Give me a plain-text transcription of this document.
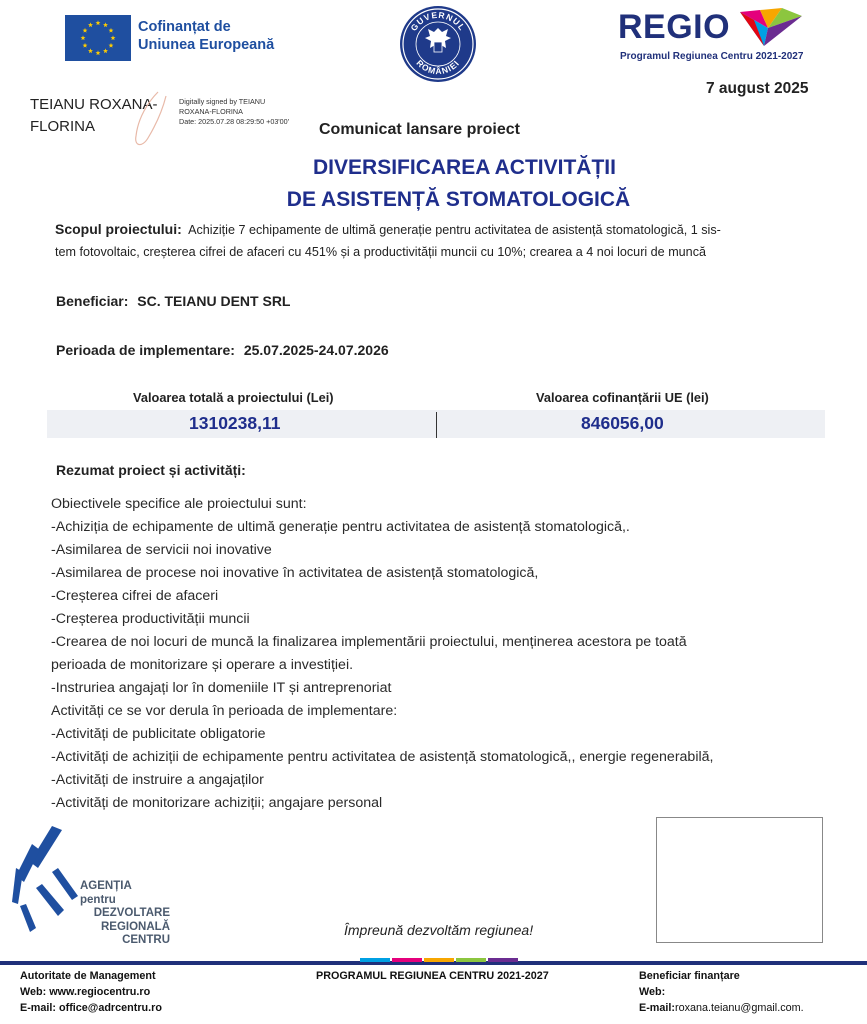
Cofinanțat de
Uniunea Europeană
GUVERNUL
ROMÂNIEI
REGIO
Programul Regiunea Centru 2021-2027
7 august 2025
TEIANU ROXANA-
FLORINA
Digitally signed by TEIANU
ROXANA-FLORINA
Date: 2025.07.28 08:29:50 +03'00' Comunicat lansare proiect
DIVERSIFICAREA ACTIVITĂȚII
DE ASISTENȚĂ STOMATOLOGICĂ
Scopul proiectului: Achiziție 7 echipamente de ultimă generație pentru activitatea de asistență stomatologică, 1 sis-
tem fotovoltaic, creșterea cifrei de afaceri cu 451% și a productivității muncii cu 10%; crearea a 4 noi locuri de muncă
Beneficiar: SC. TEIANU DENT SRL
Perioada de implementare: 25.07.2025-24.07.2026
Valoarea totală a proiectului (Lei)	Valoarea cofinanțării UE (lei)
1310238,11	846056,00
Rezumat proiect și activități:
Obiectivele specifice ale proiectului sunt:
-Achiziția de echipamente de ultimă generație pentru activitatea de asistență stomatologică,.
-Asimilarea de servicii noi inovative
-Asimilarea de procese noi inovative în activitatea de asistență stomatologică,
-Creșterea cifrei de afaceri
-Creșterea productivității muncii
-Crearea de noi locuri de muncă la finalizarea implementării proiectului, menținerea acestora pe toată
perioada de monitorizare și operare a investiției.
-Instruriea angajați lor în domeniile IT și antreprenoriat
Activități ce se vor derula în perioada de implementare:
-Activități de publicitate obligatorie
-Activități de achiziții de echipamente pentru activitatea de asistență stomatologică,, energie regenerabilă,
-Activități de instruire a angajaților
-Activități de monitorizare achiziții; angajare personal
AGENȚIA pentru
DEZVOLTARE
REGIONALĂ
CENTRU
Împreună dezvoltăm regiunea!
Autoritate de Management
Web: www.regiocentru.ro
E-mail: office@adrcentru.ro
PROGRAMUL REGIUNEA CENTRU 2021-2027	Beneficiar finanțare
Web:
E-mail:roxana.teianu@gmail.com.
